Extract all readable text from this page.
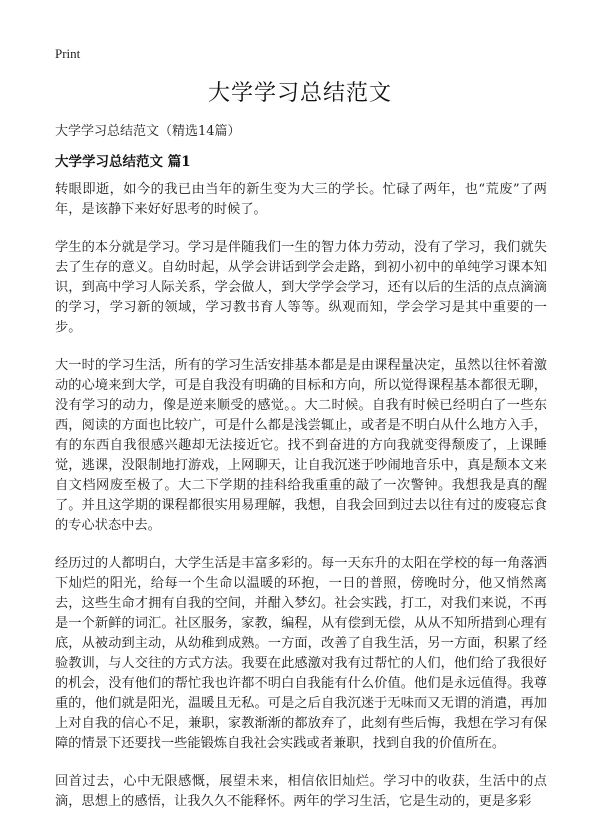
Print
大学学习总结范文
大学学习总结范文（精选14篇）
大学学习总结范文 篇1

转眼即逝，如今的我已由当年的新生变为大三的学长。忙碌了两年，也“荒废”了两年，是该静下来好好思考的时候了。

学生的本分就是学习。学习是伴随我们一生的智力体力劳动，没有了学习，我们就失去了生存的意义。自幼时起，从学会讲话到学会走路，到初小初中的单纯学习课本知识，到高中学习人际关系，学会做人，到大学学会学习，还有以后的生活的点点滴滴的学习，学习新的领域，学习教书育人等等。纵观而知，学会学习是其中重要的一步。

大一时的学习生活，所有的学习生活安排基本都是是由课程量决定，虽然以往怀着激动的心境来到大学，可是自我没有明确的目标和方向，所以觉得课程基本都很无聊，没有学习的动力，像是逆来顺受的感觉。。大二时候。自我有时候已经明白了一些东西，阅读的方面也比较广，可是什么都是浅尝辄止，或者是不明白从什么地方入手，有的东西自我很感兴趣却无法接近它。找不到奋进的方向我就变得颓废了，上课睡觉，逃课，没限制地打游戏，上网聊天，让自我沉迷于吵闹地音乐中，真是颓本文来自文档网废至极了。大二下学期的挂科给我重重的敲了一次警钟。我想我是真的醒了。并且这学期的课程都很实用易理解，我想，自我会回到过去以往有过的废寝忘食的专心状态中去。

经历过的人都明白，大学生活是丰富多彩的。每一天东升的太阳在学校的每一角落洒下灿烂的阳光，给每一个生命以温暖的环抱，一日的普照，傍晚时分，他又悄然离去，这些生命才拥有自我的空间，并酣入梦幻。社会实践，打工，对我们来说，不再是一个新鲜的词汇。社区服务，家教，编程，从有偿到无偿，从从不知所措到心理有底，从被动到主动，从幼稚到成熟。一方面，改善了自我生活，另一方面，积累了经验教训，与人交往的方式方法。我要在此感激对我有过帮忙的人们，他们给了我很好的机会，没有他们的帮忙我也许都不明白自我能有什么价值。他们是永远值得。我尊重的，他们就是阳光，温暖且无私。可是之后自我沉迷于无味而又无谓的消遣，再加上对自我的信心不足，兼职，家教渐渐的都放弃了，此刻有些后悔，我想在学习有保障的情景下还要找一些能锻炼自我社会实践或者兼职，找到自我的价值所在。

回首过去，心中无限感慨，展望未来，相信依旧灿烂。学习中的收获，生活中的点滴，思想上的感悟，让我久久不能释怀。两年的学习生活，它是生动的，更是多彩
